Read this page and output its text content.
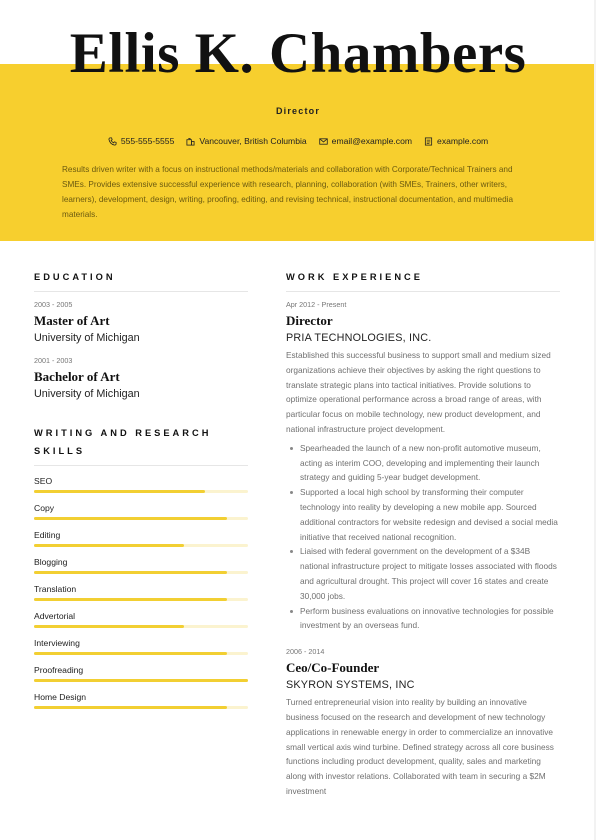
Ellis K. Chambers
Director
555-555-5555	Vancouver, British Columbia	email@example.com	example.com

Results driven writer with a focus on instructional methods/materials and collaboration with Corporate/Technical Trainers and SMEs. Provides extensive successful experience with research, planning, collaboration (with SMEs, Trainers, other writers, learners), development, design, writing, proofing, editing, and revising technical, instructional documentation, and multimedia materials.

EDUCATION
2003 - 2005
Master of Art
University of Michigan
2001 - 2003
Bachelor of Art
University of Michigan
WRITING AND RESEARCH SKILLS
SEO
Copy
Editing
Blogging
Translation
Advertorial
Interviewing
Proofreading
Home Design
WORK EXPERIENCE
Apr 2012 - Present
Director
PRIA TECHNOLOGIES, INC.

Established this successful business to support small and medium sized organizations achieve their objectives by asking the right questions to translate strategic plans into tactical initiatives. Provide solutions to optimize operational performance across a broad range of areas, with particular focus on mobile technology, new product development, and national infrastructure project development.

Spearheaded the launch of a new non-profit automotive museum, acting as interim COO, developing and implementing their launch strategy and guiding 5-year budget development.
Supported a local high school by transforming their computer technology into reality by developing a new mobile app. Sourced additional contractors for website redesign and devised a social media initiative that received national recognition.
Liaised with federal government on the development of a $34B national infrastructure project to mitigate losses associated with floods and agricultural drought. This project will cover 16 states and create 30,000 jobs.
Perform business evaluations on innovative technologies for possible investment by an overseas fund.
2006 - 2014
Ceo/Co-Founder
SKYRON SYSTEMS, INC

Turned entrepreneurial vision into reality by building an innovative business focused on the research and development of new technology applications in renewable energy in order to commercialize an innovative small vertical axis wind turbine. Defined strategy across all core business functions including product development, quality, sales and marketing along with investor relations. Collaborated with team in securing a $2M investment
